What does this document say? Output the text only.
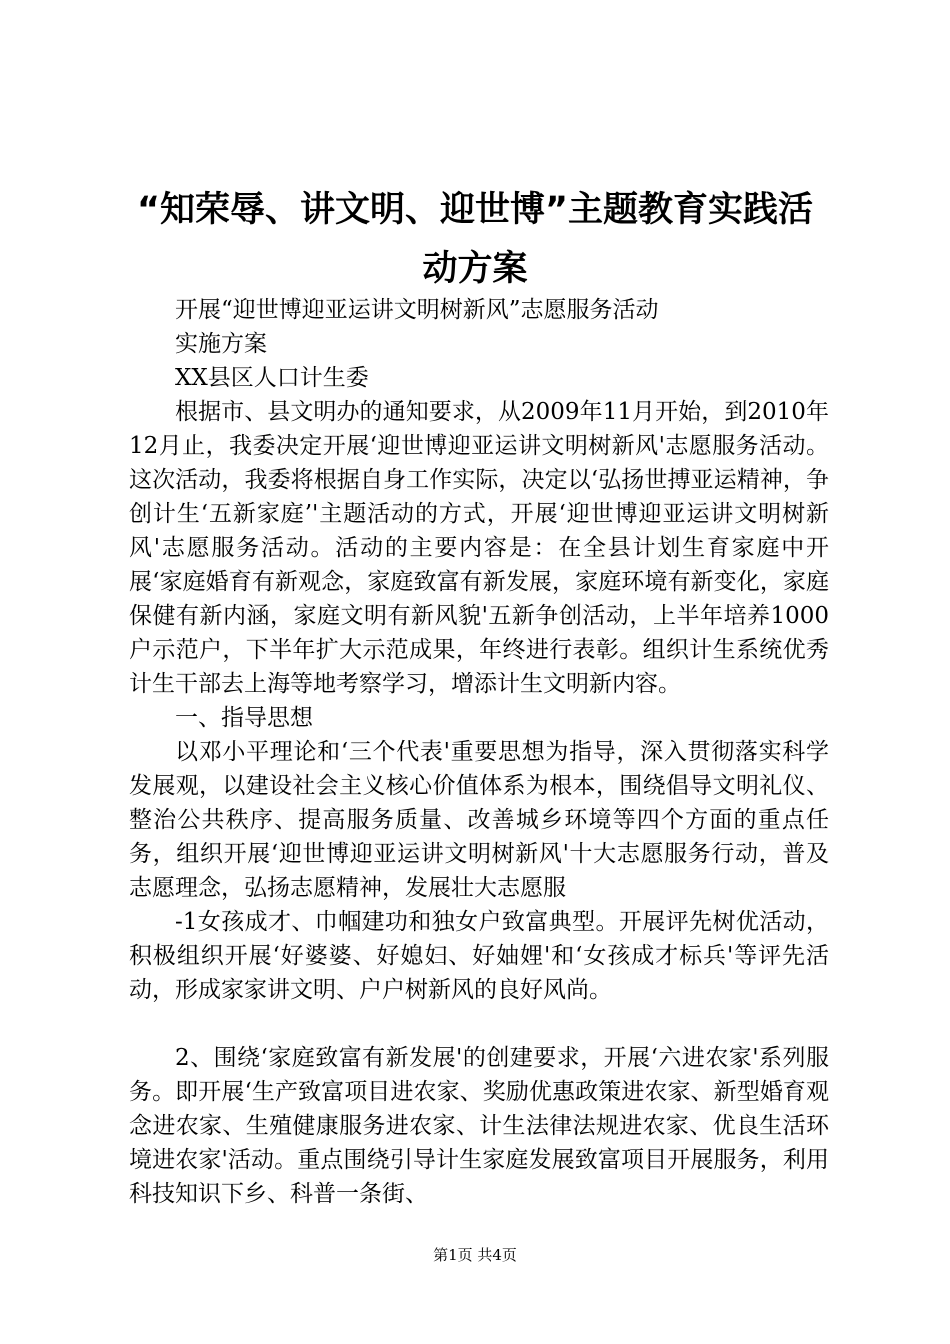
“知荣辱、讲文明、迎世博”主题教育实践活
动方案

开展“迎世博迎亚运讲文明树新风”志愿服务活动

实施方案

XX县区人口计生委

根据市、县文明办的通知要求，从2009年11月开始，到2010年12月止，我委决定开展‘迎世博迎亚运讲文明树新风'志愿服务活动。这次活动，我委将根据自身工作实际，决定以‘弘扬世搏亚运精神，争创计生‘五新家庭’'主题活动的方式，开展‘迎世博迎亚运讲文明树新风'志愿服务活动。活动的主要内容是：在全县计划生育家庭中开展‘家庭婚育有新观念，家庭致富有新发展，家庭环境有新变化，家庭保健有新内涵，家庭文明有新风貌'五新争创活动，上半年培养1000户示范户，下半年扩大示范成果，年终进行表彰。组织计生系统优秀计生干部去上海等地考察学习，增添计生文明新内容。

一、指导思想

以邓小平理论和‘三个代表'重要思想为指导，深入贯彻落实科学发展观，以建设社会主义核心价值体系为根本，围绕倡导文明礼仪、整治公共秩序、提高服务质量、改善城乡环境等四个方面的重点任务，组织开展‘迎世博迎亚运讲文明树新风'十大志愿服务行动，普及志愿理念，弘扬志愿精神，发展壮大志愿服

-1女孩成才、巾帼建功和独女户致富典型。开展评先树优活动，积极组织开展‘好婆婆、好媳妇、好妯娌'和‘女孩成才标兵'等评先活动，形成家家讲文明、户户树新风的良好风尚。

2、围绕‘家庭致富有新发展'的创建要求，开展‘六进农家'系列服务。即开展‘生产致富项目进农家、奖励优惠政策进农家、新型婚育观念进农家、生殖健康服务进农家、计生法律法规进农家、优良生活环境进农家'活动。重点围绕引导计生家庭发展致富项目开展服务，利用科技知识下乡、科普一条街、

第1页 共4页
